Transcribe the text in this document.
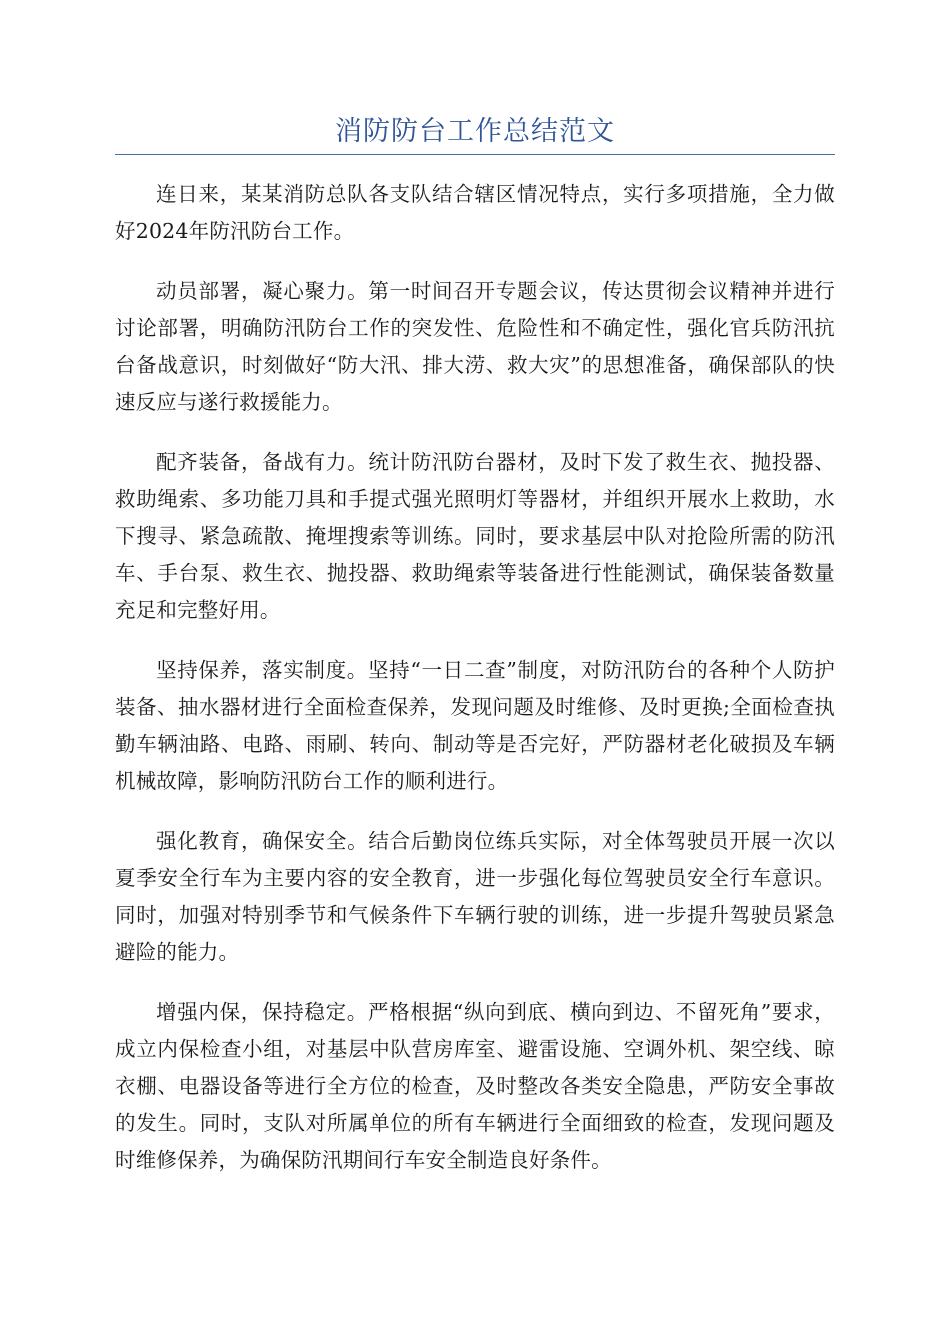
消防防台工作总结范文

连日来，某某消防总队各支队结合辖区情况特点，实行多项措施，全力做好2024年防汛防台工作。

动员部署，凝心聚力。第一时间召开专题会议，传达贯彻会议精神并进行讨论部署，明确防汛防台工作的突发性、危险性和不确定性，强化官兵防汛抗台备战意识，时刻做好“防大汛、排大涝、救大灾”的思想准备，确保部队的快速反应与遂行救援能力。

配齐装备，备战有力。统计防汛防台器材，及时下发了救生衣、抛投器、救助绳索、多功能刀具和手提式强光照明灯等器材，并组织开展水上救助，水下搜寻、紧急疏散、掩埋搜索等训练。同时，要求基层中队对抢险所需的防汛车、手台泵、救生衣、抛投器、救助绳索等装备进行性能测试，确保装备数量充足和完整好用。

坚持保养，落实制度。坚持“一日二查”制度，对防汛防台的各种个人防护装备、抽水器材进行全面检查保养，发现问题及时维修、及时更换;全面检查执勤车辆油路、电路、雨刷、转向、制动等是否完好，严防器材老化破损及车辆机械故障，影响防汛防台工作的顺利进行。

强化教育，确保安全。结合后勤岗位练兵实际，对全体驾驶员开展一次以夏季安全行车为主要内容的安全教育，进一步强化每位驾驶员安全行车意识。同时，加强对特别季节和气候条件下车辆行驶的训练，进一步提升驾驶员紧急避险的能力。

增强内保，保持稳定。严格根据“纵向到底、横向到边、不留死角”要求，成立内保检查小组，对基层中队营房库室、避雷设施、空调外机、架空线、晾衣棚、电器设备等进行全方位的检查，及时整改各类安全隐患，严防安全事故的发生。同时，支队对所属单位的所有车辆进行全面细致的检查，发现问题及时维修保养，为确保防汛期间行车安全制造良好条件。
